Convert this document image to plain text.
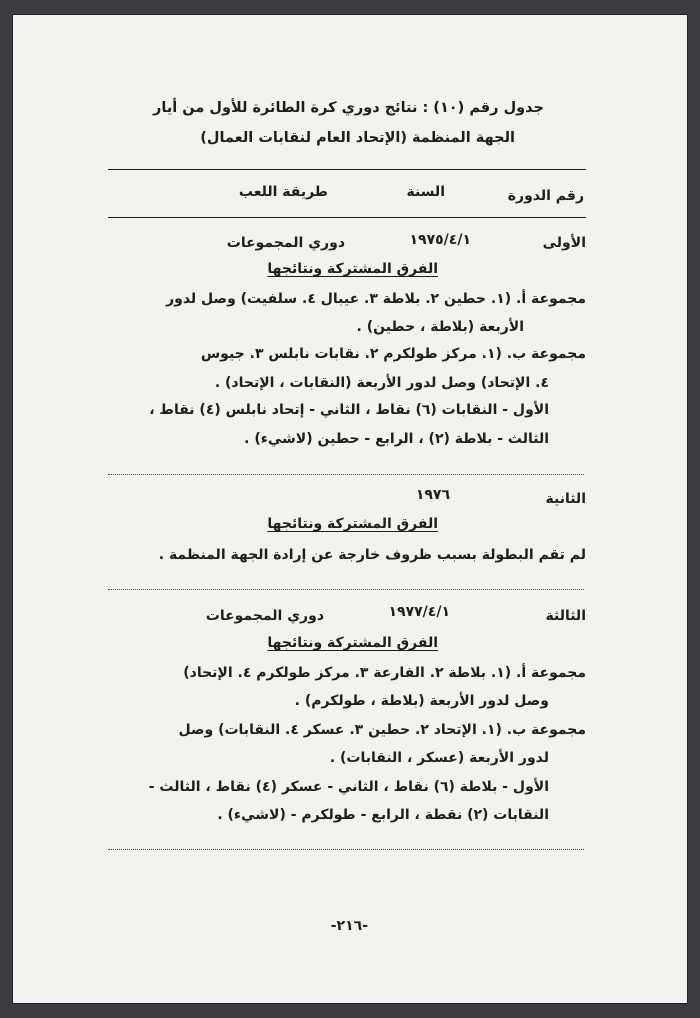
جدول رقم (١٠) : نتائج دوري كرة الطائرة للأول من أيار
الجهة المنظمة (الإتحاد العام لنقابات العمال)
رقم الدورة
السنة
طريقة اللعب
الأولى
١٩٧٥/٤/١
دوري المجموعات
الفرق المشتركة ونتائجها
مجموعة أ. (١. حطين ٢. بلاطة ٣. عيبال ٤. سلفيت) وصل لدور
الأربعة (بلاطة ، حطين) .
مجموعة ب. (١. مركز طولكرم ٢. نقابات نابلس ٣. جيوس
٤. الإتحاد) وصل لدور الأربعة (النقابات ، الإتحاد) .
الأول - النقابات (٦) نقاط ، الثاني - إتحاد نابلس (٤) نقاط ،
الثالث - بلاطة (٢) ، الرابع - حطين (لاشيء) .
الثانية
١٩٧٦
الفرق المشتركة ونتائجها
لم تقم البطولة بسبب ظروف خارجة عن إرادة الجهة المنظمة .
الثالثة
١٩٧٧/٤/١
دوري المجموعات
الفرق المشتركة ونتائجها
مجموعة أ. (١. بلاطة ٢. الفارعة ٣. مركز طولكرم ٤. الإتحاد)
وصل لدور الأربعة (بلاطة ، طولكرم) .
مجموعة ب. (١. الإتحاد ٢. حطين ٣. عسكر ٤. النقابات) وصل
لدور الأربعة (عسكر ، النقابات) .
الأول - بلاطة (٦) نقاط ، الثاني - عسكر (٤) نقاط ، الثالث -
النقابات (٢) نقطة ، الرابع - طولكرم - (لاشيء) .
-٢١٦-
